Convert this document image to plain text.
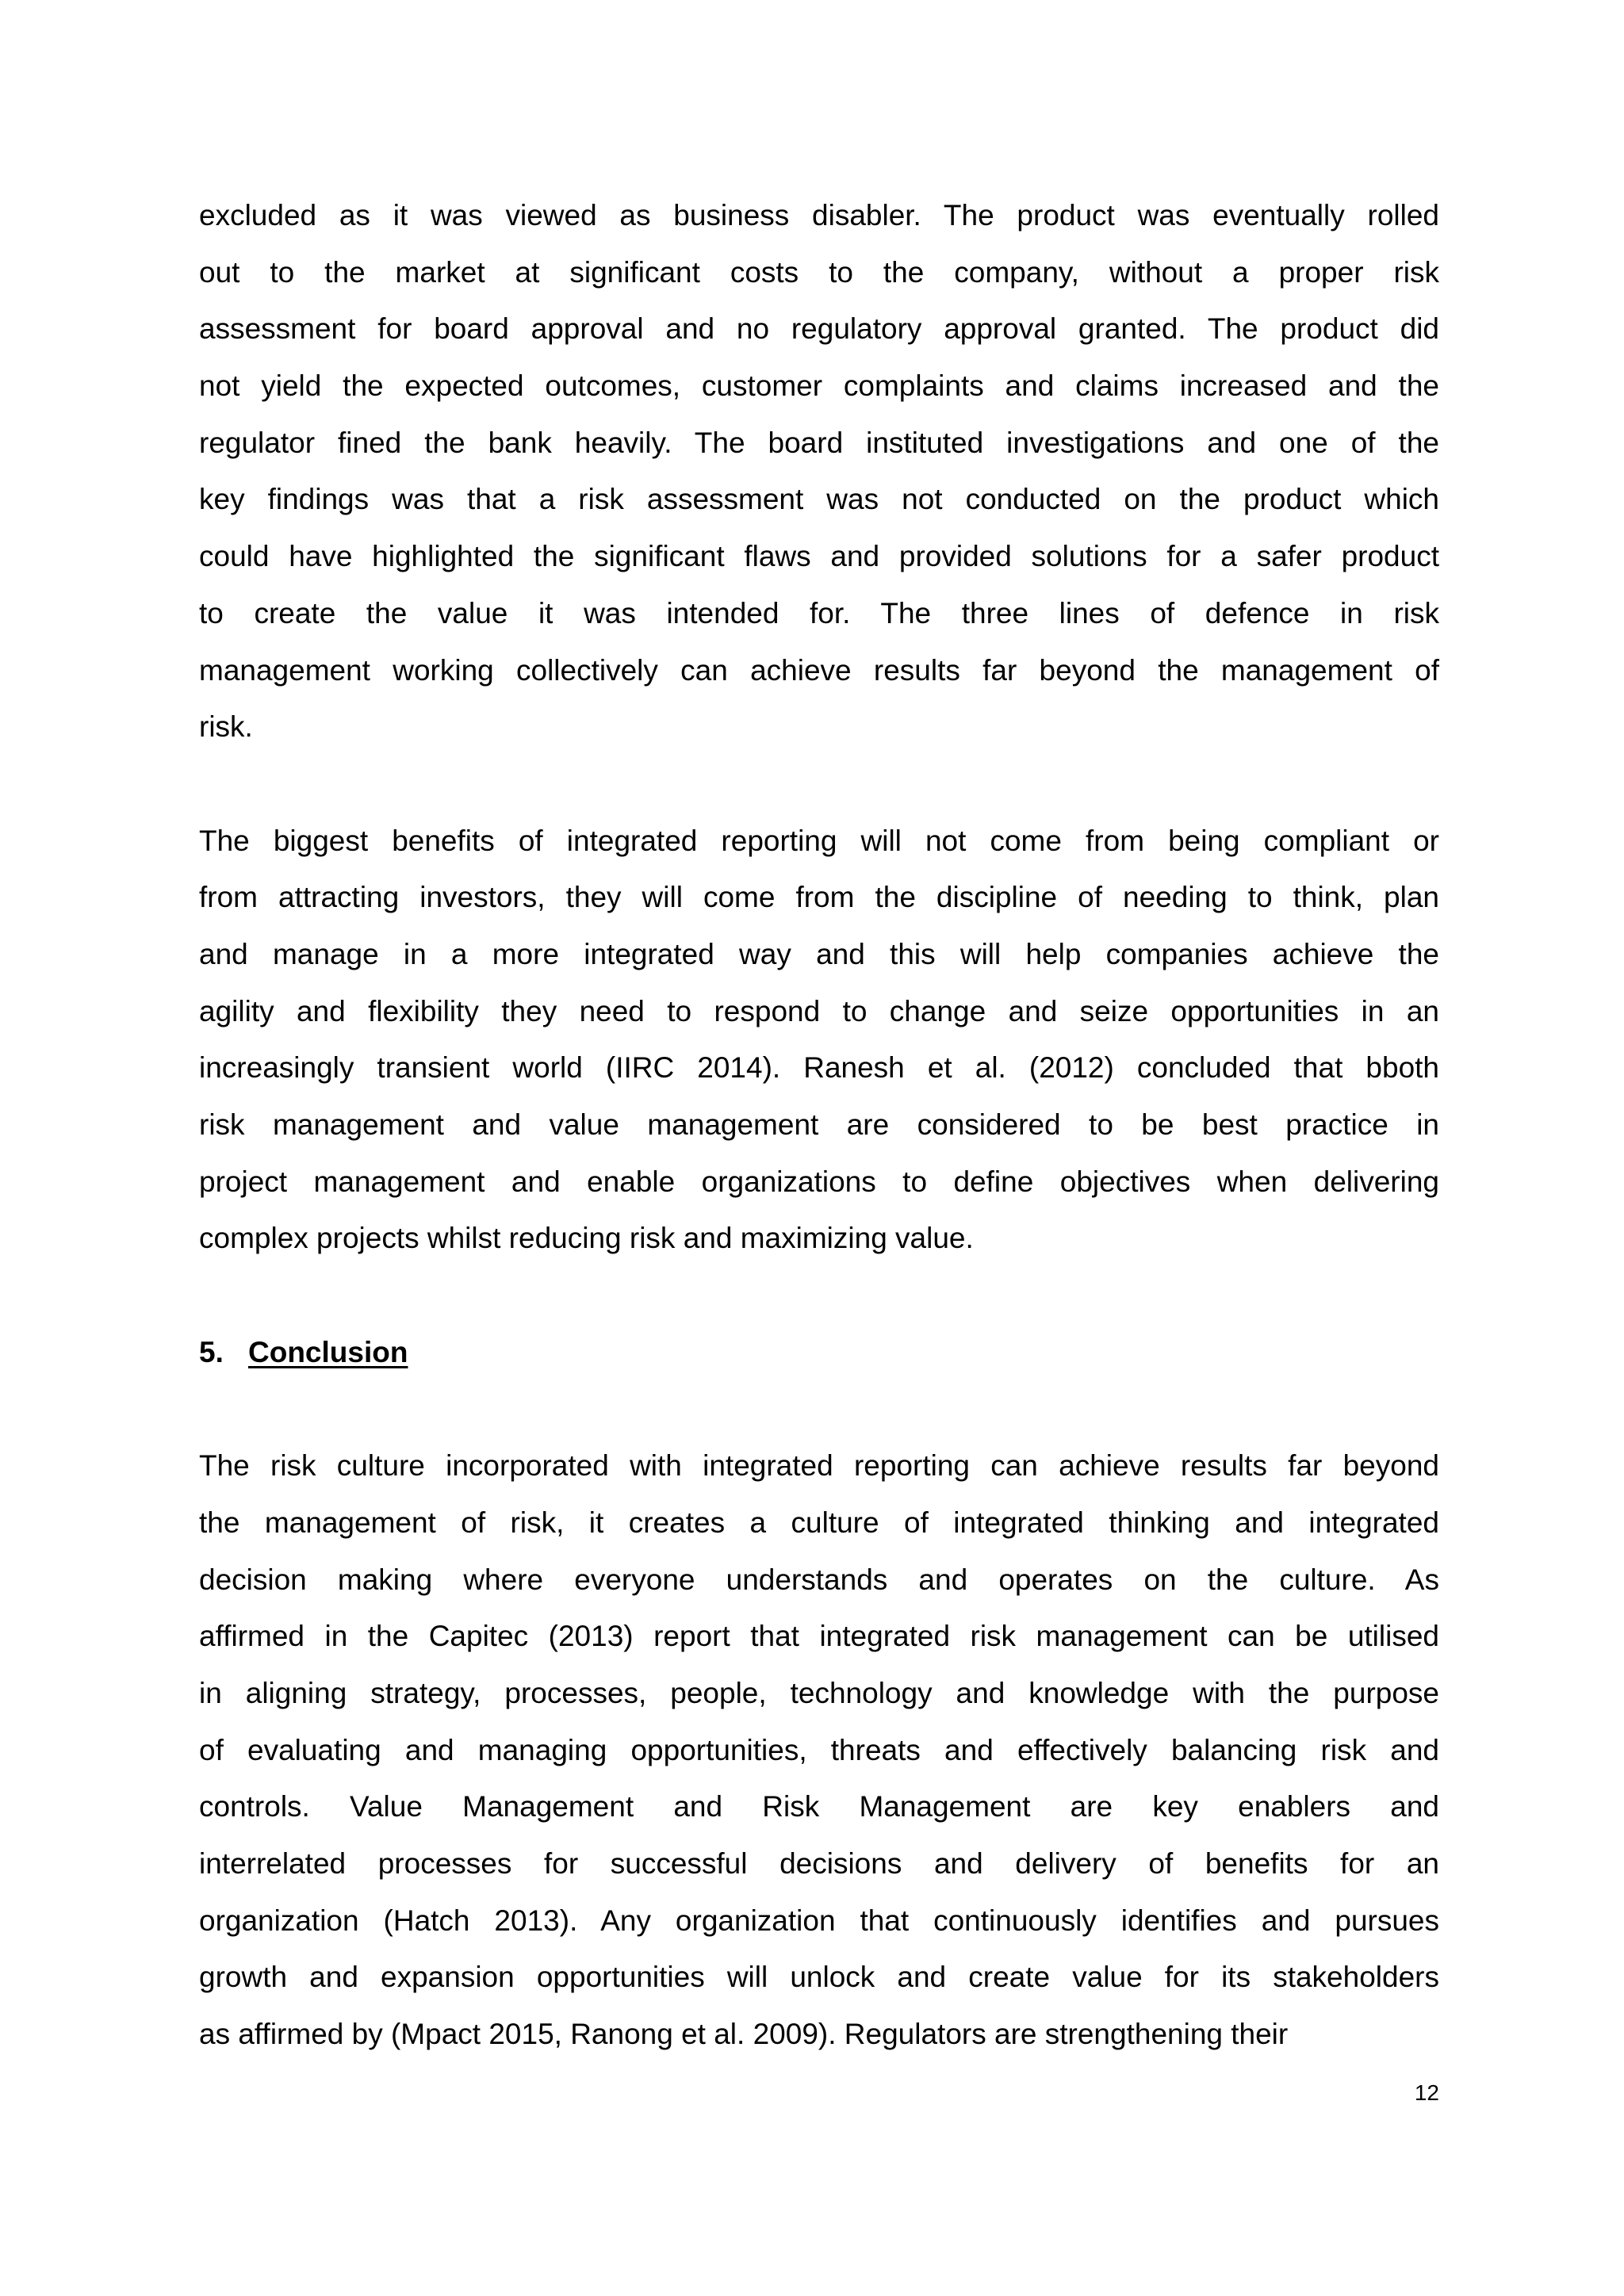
excluded as it was viewed as business disabler. The product was eventually rolled
out to the market at significant costs to the company, without a proper risk
assessment for board approval and no regulatory approval granted. The product did
not yield the expected outcomes, customer complaints and claims increased and the
regulator fined the bank heavily. The board instituted investigations and one of the
key findings was that a risk assessment was not conducted on the product which
could have highlighted the significant flaws and provided solutions for a safer product
to create the value it was intended for. The three lines of defence in risk
management working collectively can achieve results far beyond the management of
risk.
The biggest benefits of integrated reporting will not come from being compliant or
from attracting investors, they will come from the discipline of needing to think, plan
and manage in a more integrated way and this will help companies achieve the
agility and flexibility they need to respond to change and seize opportunities in an
increasingly transient world (IIRC 2014). Ranesh et al. (2012) concluded that bboth
risk management and value management are considered to be best practice in
project management and enable organizations to define objectives when delivering
complex projects whilst reducing risk and maximizing value.
5. Conclusion
The risk culture incorporated with integrated reporting can achieve results far beyond
the management of risk, it creates a culture of integrated thinking and integrated
decision making where everyone understands and operates on the culture. As
affirmed in the Capitec (2013) report that integrated risk management can be utilised
in aligning strategy, processes, people, technology and knowledge with the purpose
of evaluating and managing opportunities, threats and effectively balancing risk and
controls. Value Management and Risk Management are key enablers and
interrelated processes for successful decisions and delivery of benefits for an
organization (Hatch 2013). Any organization that continuously identifies and pursues
growth and expansion opportunities will unlock and create value for its stakeholders
as affirmed by (Mpact 2015, Ranong et al. 2009). Regulators are strengthening their
12
